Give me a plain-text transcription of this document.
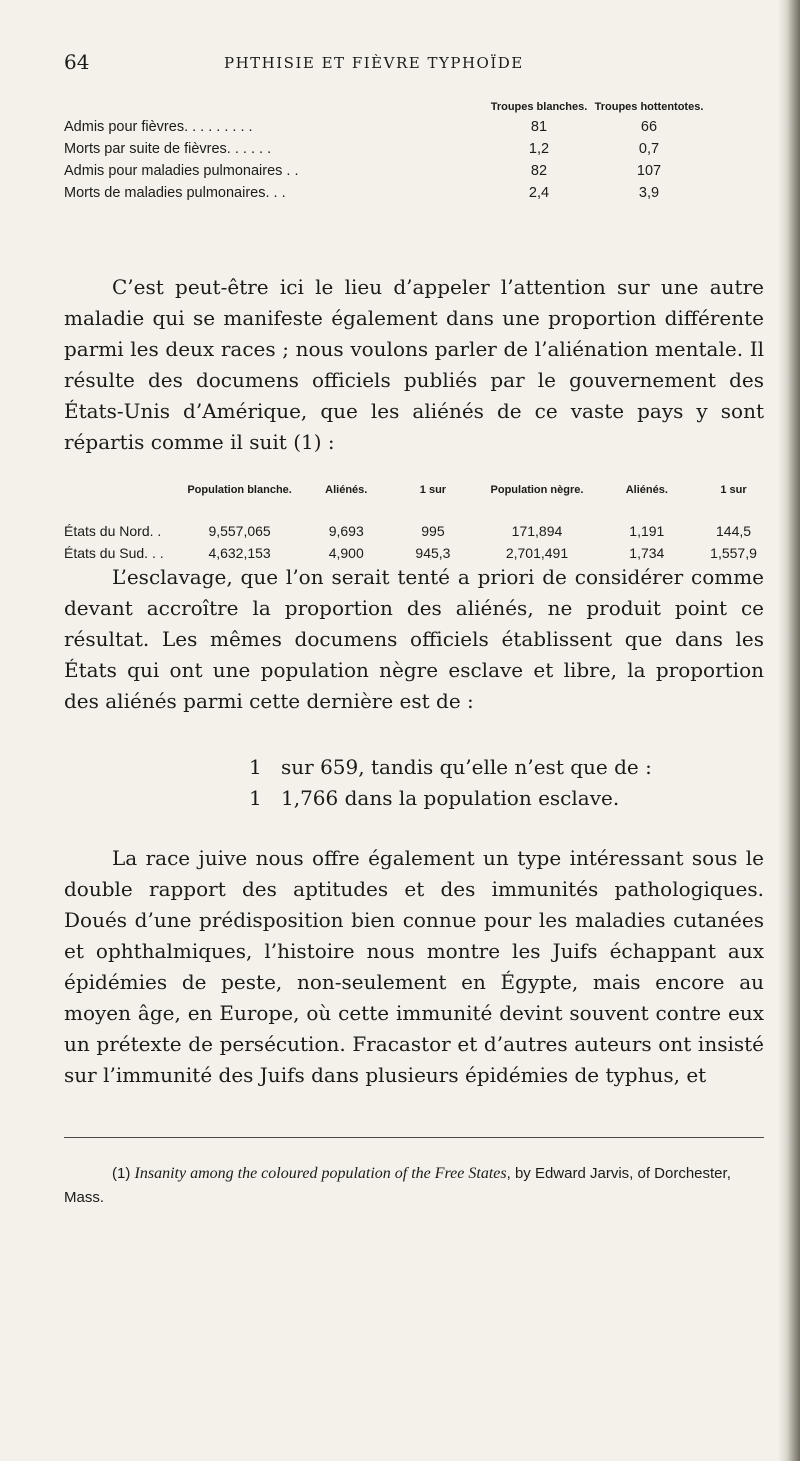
64	PHTHISIE ET FIÈVRE TYPHOÏDE
	Troupes blanches.	Troupes hottentotes.
Admis pour fièvres. . . . . . . . .	81	66
Morts par suite de fièvres. . . . . .	1,2	0,7
Admis pour maladies pulmonaires . .	82	107
Morts de maladies pulmonaires. . .	2,4	3,9

C’est peut-être ici le lieu d’appeler l’attention sur une autre maladie qui se manifeste également dans une proportion différente parmi les deux races ; nous voulons parler de l’aliénation mentale. Il résulte des documens officiels publiés par le gouvernement des États-Unis d’Amérique, que les aliénés de ce vaste pays y sont répartis comme il suit (1) :

	Population blanche.	Aliénés.	1 sur	Population nègre.	Aliénés.	1 sur
États du Nord. .	9,557,065	9,693	995	171,894	1,191	144,5
États du Sud. . .	4,632,153	4,900	945,3	2,701,491	1,734	1,557,9

L’esclavage, que l’on serait tenté a priori de considérer comme devant accroître la proportion des aliénés, ne produit point ce résultat. Les mêmes documens officiels établissent que dans les États qui ont une population nègre esclave et libre, la proportion des aliénés parmi cette dernière est de :

1 sur 659, tandis qu’elle n’est que de :
1 1,766 dans la population esclave.

La race juive nous offre également un type intéressant sous le double rapport des aptitudes et des immunités pathologiques. Doués d’une prédisposition bien connue pour les maladies cutanées et ophthalmiques, l’histoire nous montre les Juifs échappant aux épidémies de peste, non-seulement en Égypte, mais encore au moyen âge, en Europe, où cette immunité devint souvent contre eux un prétexte de persécution. Fracastor et d’autres auteurs ont insisté sur l’immunité des Juifs dans plusieurs épidémies de typhus, et

(1) Insanity among the coloured population of the Free States, by Edward Jarvis, of Dorchester, Mass.
